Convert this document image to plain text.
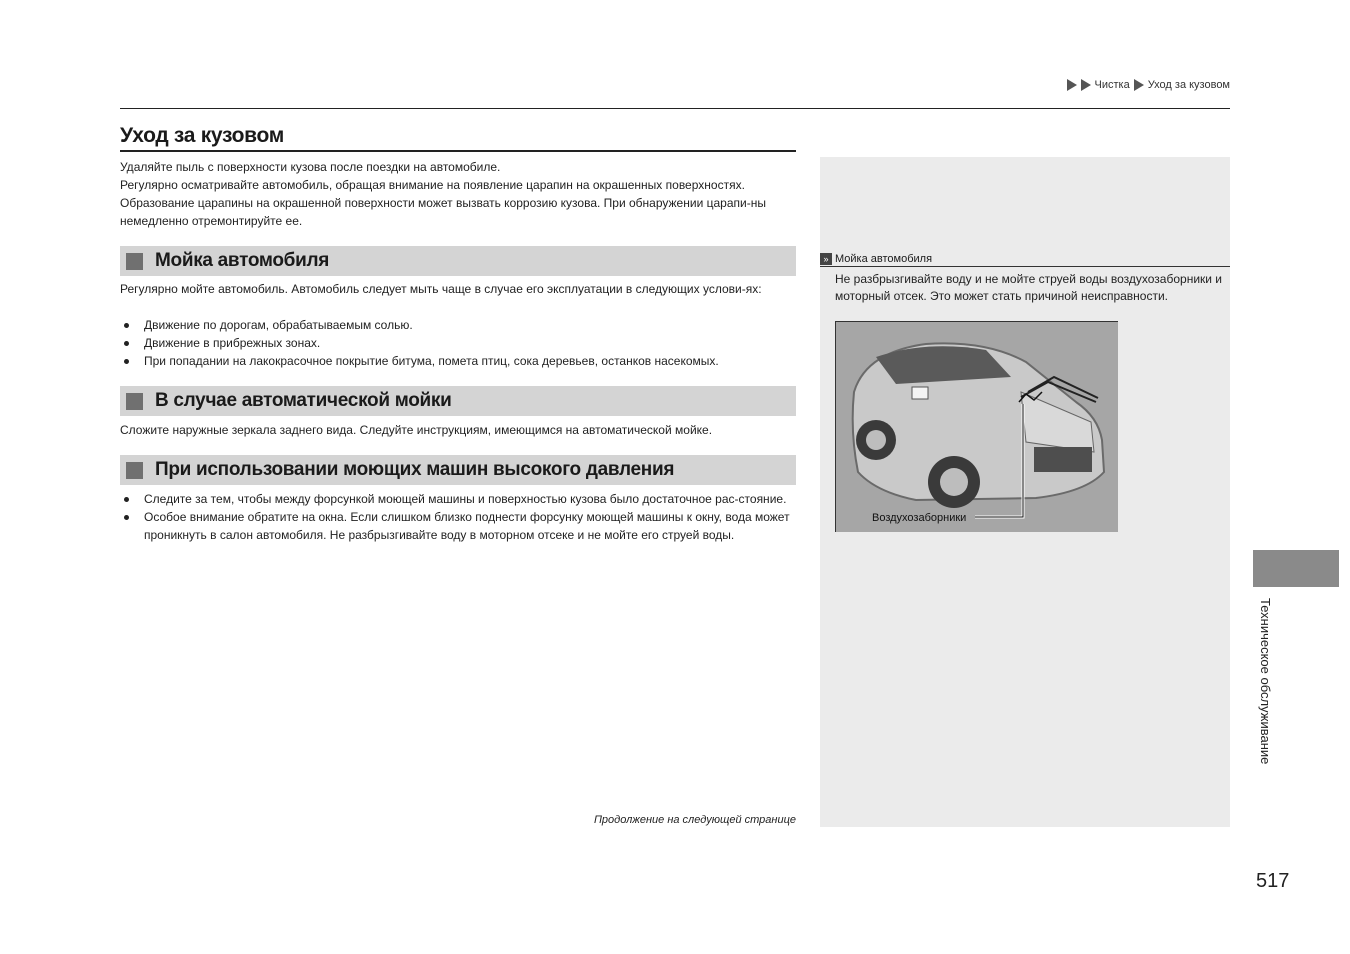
Чистка Уход за кузовом
Уход за кузовом

Удаляйте пыль с поверхности кузова после поездки на автомобиле.

Регулярно осматривайте автомобиль, обращая внимание на появление царапин на окрашенных поверхностях.

Образование царапины на окрашенной поверхности может вызвать коррозию кузова. При обнаружении царапи-ны немедленно отремонтируйте ее.

Мойка автомобиля

Регулярно мойте автомобиль. Автомобиль следует мыть чаще в случае его эксплуатации в следующих услови-ях:

Движение по дорогам, обрабатываемым солью.
Движение в прибрежных зонах.
При попадании на лакокрасочное покрытие битума, помета птиц, сока деревьев, останков насекомых.
В случае автоматической мойки

Сложите наружные зеркала заднего вида. Следуйте инструкциям, имеющимся на автоматической мойке.

При использовании моющих машин высокого давления
Следите за тем, чтобы между форсункой моющей машины и поверхностью кузова было достаточное рас-стояние.
Особое внимание обратите на окна. Если слишком близко поднести форсунку моющей машины к окну, вода может проникнуть в салон автомобиля. Не разбрызгивайте воду в моторном отсеке и не мойте его струей воды.
Продолжение на следующей странице
» Мойка автомобиля
Не разбрызгивайте воду и не мойте струей воды воздухозаборники и моторный отсек. Это может стать причиной неисправности.
Воздухозаборники
Техническое обслуживание
517
